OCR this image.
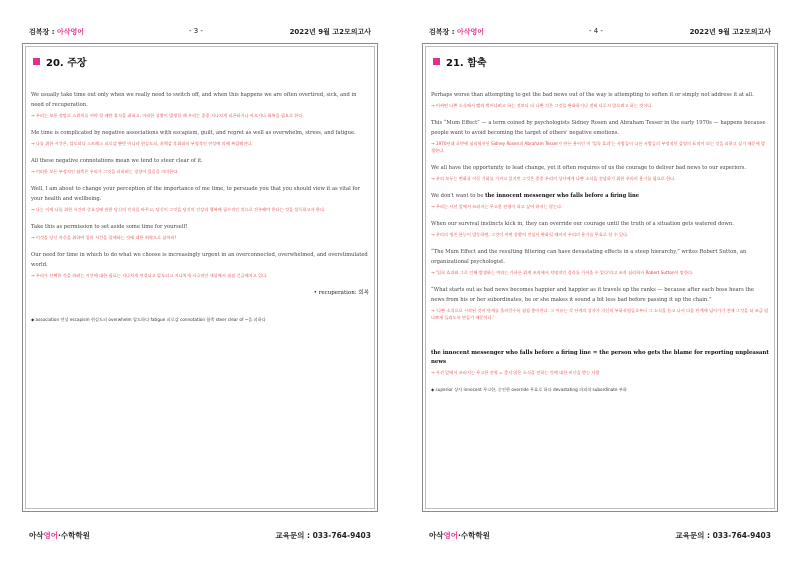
검복장 : 아삭영어	- 3 -	2022년 9월 고2모의고사
20. 주장

We usually take time out only when we really need to switch off, and when this happens we are often overtired, sick, and in need of recuperation.

→ 우리는 보통 정말로 스위치를 꺼야 할 때만 휴식을 취하고, 이러한 상황이 발생할 때 우리는 종종 지나치게 피곤하거나 아프거나 회복을 필요로 한다.

Me time is complicated by negative associations with escapism, guilt, and regret as well as overwhelm, stress, and fatigue.

→ 나를 위한 시간은, 압도되다 스트레스 피로감 뿐만 아니라 현실도피, 죄책감 후회와의 부정적인 연상에 의해 복잡해진다.

All these negative connotations mean we tend to steer clear of it.

→ 이러한 모든 부정적인 함축은 우리가 그것을 피하려는 경향이 있음을 의미한다.

Well, I am about to change your perception of the importance of me time, to persuade you that you should view it as vital for your health and wellbeing.

→ 나는 이제 나를 위한 시간의 중요성에 관한 당신의 인식을 바꾸고, 당신이 그것을 당신의 건강과 행복에 필수적인 것으로 간주해야 한다는 것을 설득하고자 한다.

Take this as permission to set aside some time for yourself!

→ 이것을 당신 자신을 위하여 얼마 시간을 할애하는 것에 대한 허락으로 삼아라!

Our need for time in which to do what we choose is increasingly urgent in an overconnected, overwhelmed, and overstimulated world.

→ 우리가 선택한 것을 하려는 시간에 대한 필요는 지나치게 연결되고 압도되고 지나치게 자극적인 세상에서 점점 긴급해지고 있다.

• recuperation: 회복
◆ association 연상 escapism 현실도피 overwhelm 압도하다 fatigue 피로감 connotation 함축 steer clear of ~을 피하다
아삭영어·수학학원	교육문의 : 033-764-9403
검복장 : 아삭영어	- 4 -	2022년 9월 고2모의고사
21. 함축

Perhaps worse than attempting to get the bad news out of the way is attempting to soften it or simply not address it at all.

→ 어쩌면 나쁜 소식에서 빨리 벗어나려고 하는 것보다 더 나쁜 것은 그것을 완화하거나 전혀 다루지 않으려고 하는 것이다.

This “Mum Effect” — a term coined by psychologists Sidney Rosen and Abraham Tesser in the early 1970s — happens because people want to avoid becoming the target of others' negative emotions.

→ 1970년대 초반에 심리학자인 Sidney Rosen과 Abraham Tesser가 만든 용어인 이 '입꾹 효과'는 사람들이 다른 사람들의 부정적인 감정의 표적이 되는 것을 피하고 싶기 때문에 발생한다.

We all have the opportunity to lead change, yet it often requires of us the courage to deliver bad news to our superiors.

→ 우리 모두는 변화를 이끌 기회를 가지고 있지만 그것은 종종 우리의 상사에게 나쁜 소식을 전달하기 위한 우리의 용기를 필요로 한다.

We don't want to be the innocent messenger who falls before a firing line

→ 우리는 사선 앞에서 쓰러지는 무고한 전령이 되고 싶어 하지는 않는다.

When our survival instincts kick in, they can override our courage until the truth of a situation gets watered down.

→ 우리의 생존 본능이 발동하면, 그것이 어떤 상황의 진실이 완화될 때까지 우리의 용기를 무효로 할 수 있다.

“The Mum Effect and the resulting filtering can have devastating effects in a steep hierarchy,” writes Robert Sutton, an organizational psychologist.

→ '입꾹 효과와 그로 인해 발생하는 여과는 가파른 위계 조직에서 치명적인 결과를 가져올 수 있다'라고 조직 심리학자 Robert Sutton이 말한다.

“What starts out as bad news becomes happier and happier as it travels up the ranks — because after each boss hears the news from his or her subordinates, he or she makes it sound a bit less bad before passing it up the chain.”

→ '나쁜 소식으로 시작된 것이 단계를 올라갈수록 점점 좋아진다. 그 이유는 각 단계의 상사가 자신의 부하직원들로부터 그 소식을 듣고 나서 다음 단계에 넘어가기 전에 그것을 더 조금 덜 나쁘게 들리도록 만들기 때문이다.'

the innocent messenger who falls before a firing line = the person who gets the blame for reporting unpleasant news

→ 사선 앞에서 쓰러지는 무고한 전령 = 좋지 않은 소식을 전하는 것에 대한 비난을 받는 사람

◆ superior 상사 innocent 무고한, 순진한 override 무효로 하다 devastating 파괴적 subordinate 부하
아삭영어·수학학원	교육문의 : 033-764-9403
